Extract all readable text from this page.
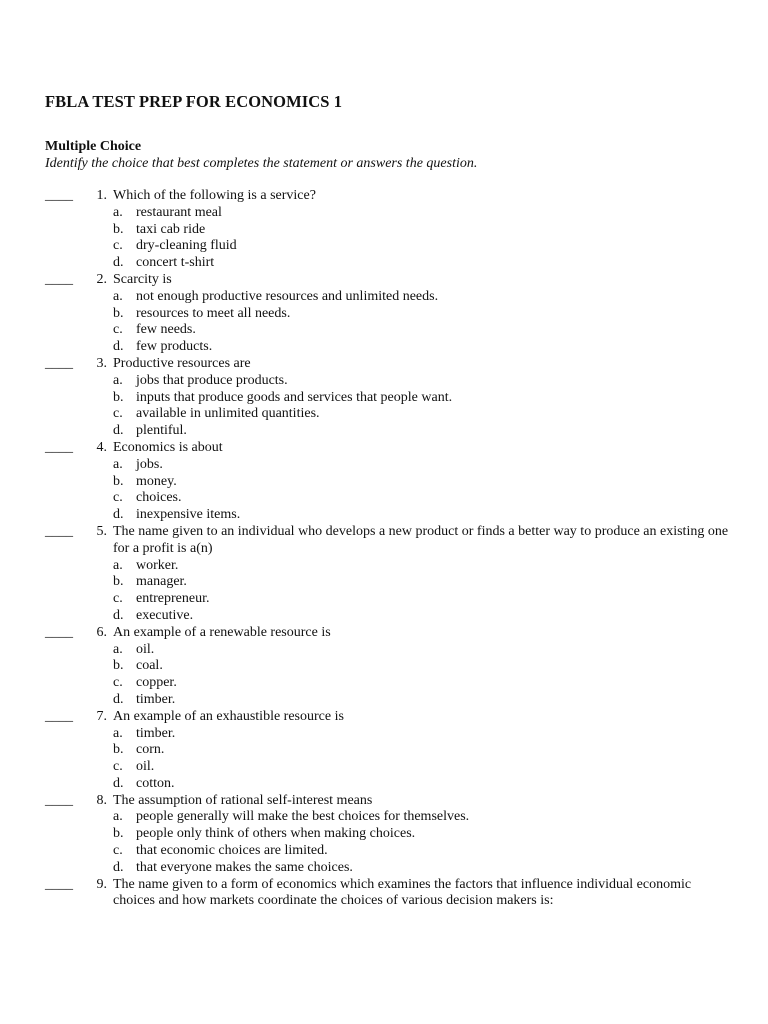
FBLA TEST PREP FOR ECONOMICS 1
Multiple Choice
Identify the choice that best completes the statement or answers the question.
____	1. Which of the following is a service?
a. restaurant meal
b. taxi cab ride
c. dry-cleaning fluid
d. concert t-shirt
____	2. Scarcity is
a. not enough productive resources and unlimited needs.
b. resources to meet all needs.
c. few needs.
d. few products.
____	3. Productive resources are
a. jobs that produce products.
b. inputs that produce goods and services that people want.
c. available in unlimited quantities.
d. plentiful.
____	4. Economics is about
a. jobs.
b. money.
c. choices.
d. inexpensive items.
____	5. The name given to an individual who develops a new product or finds a better way to produce an existing one for a profit is a(n)
a. worker.
b. manager.
c. entrepreneur.
d. executive.
____	6. An example of a renewable resource is
a. oil.
b. coal.
c. copper.
d. timber.
____	7. An example of an exhaustible resource is
a. timber.
b. corn.
c. oil.
d. cotton.
____	8. The assumption of rational self-interest means
a. people generally will make the best choices for themselves.
b. people only think of others when making choices.
c. that economic choices are limited.
d. that everyone makes the same choices.
____	9. The name given to a form of economics which examines the factors that influence individual economic choices and how markets coordinate the choices of various decision makers is:
